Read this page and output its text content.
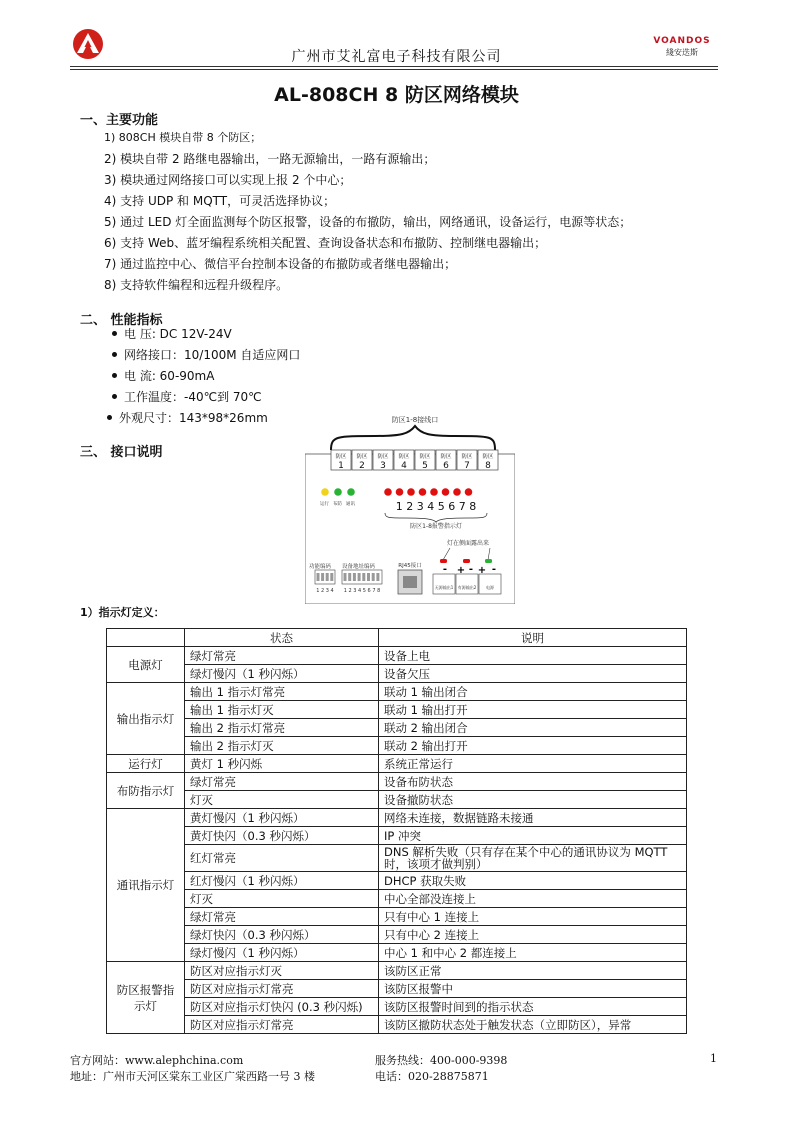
广州市艾礼富电子科技有限公司
VOANDOS
綫安迭斯
AL-808CH 8 防区网络模块
一、主要功能
1) 808CH 模块自带 8 个防区；
2) 模块自带 2 路继电器输出，一路无源输出，一路有源输出；
3) 模块通过网络接口可以实现上报 2 个中心；
4) 支持 UDP 和 MQTT，可灵活选择协议；
5) 通过 LED 灯全面监测每个防区报警，设备的布撤防，输出，网络通讯，设备运行，电源等状态；
6) 支持 Web、蓝牙编程系统相关配置、查询设备状态和布撤防、控制继电器输出；
7) 通过监控中心、微信平台控制本设备的布撤防或者继电器输出；
8) 支持软件编程和远程升级程序。
二、 性能指标
电 压: DC 12V-24V
网络接口：10/100M 自适应网口
电 流: 60-90mA
工作温度：-40℃到 70℃
外观尺寸：143*98*26mm
三、 接口说明
防区1-8接线口
防区
1
防区
2
防区
3
防区
4
防区
5
防区
6
防区
7
防区
8
运行 布防 通讯	1 2 3 4 5 6 7 8
防区1-8报警指示灯
灯在侧面露出来
功能编码 设备地址编码
1 2 3 4 1 2 3 4 5 6 7 8
RJ45接口
无源输出1 有源输出2 电源
- + - + -
1）指示灯定义：
	状态	说明
电源灯	绿灯常亮	设备上电
	绿灯慢闪（1 秒闪烁）	设备欠压
输出指示灯	输出 1 指示灯常亮	联动 1 输出闭合
	输出 1 指示灯灭	联动 1 输出打开
	输出 2 指示灯常亮	联动 2 输出闭合
	输出 2 指示灯灭	联动 2 输出打开
运行灯	黄灯 1 秒闪烁	系统正常运行
布防指示灯	绿灯常亮	设备布防状态
	灯灭	设备撤防状态
通讯指示灯	黄灯慢闪（1 秒闪烁）	网络未连接，数据链路未接通
	黄灯快闪（0.3 秒闪烁）	IP 冲突
	红灯常亮	DNS 解析失败（只有存在某个中心的通讯协议为 MQTT 时，该项才做判别）
	红灯慢闪（1 秒闪烁）	DHCP 获取失败
	灯灭	中心全部没连接上
	绿灯常亮	只有中心 1 连接上
	绿灯快闪（0.3 秒闪烁）	只有中心 2 连接上
	绿灯慢闪（1 秒闪烁）	中心 1 和中心 2 都连接上
防区报警指示灯	防区对应指示灯灭	该防区正常
	防区对应指示灯常亮	该防区报警中
	防区对应指示灯快闪 (0.3 秒闪烁)	该防区报警时间到的指示状态
	防区对应指示灯常亮	该防区撤防状态处于触发状态（立即防区），异常
官方网站：www.alephchina.com
地址：广州市天河区棠东工业区广棠西路一号 3 楼
服务热线：400-000-9398
电话：020-28875871
1
